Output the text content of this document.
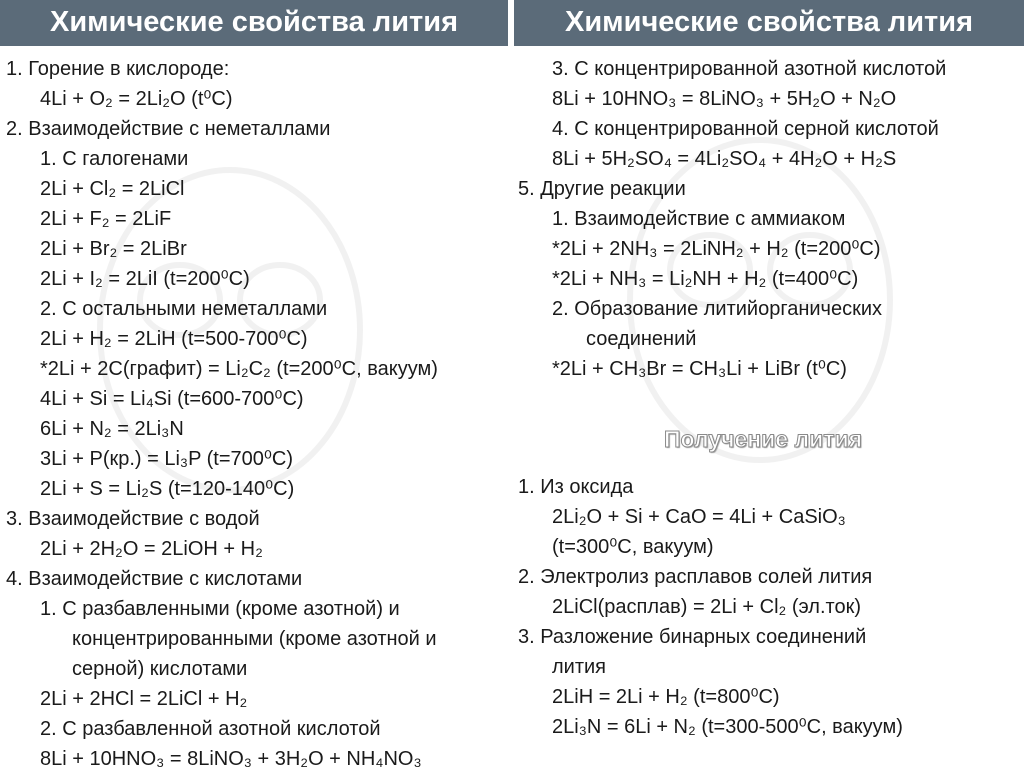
Химические свойства лития	Химические свойства лития
1. Горение в кислороде:
4Li + O₂ = 2Li₂O (t⁰C)
2. Взаимодействие с неметаллами
1. С галогенами
2Li + Cl₂ = 2LiCl
2Li + F₂ = 2LiF
2Li + Br₂ = 2LiBr
2Li + I₂ = 2LiI (t=200⁰C)
2. С остальными неметаллами
2Li + H₂ = 2LiH (t=500-700⁰C)
*2Li + 2C(графит) = Li₂C₂ (t=200⁰C, вакуум)
4Li + Si = Li₄Si (t=600-700⁰C)
6Li + N₂ = 2Li₃N
3Li + P(кр.) = Li₃P (t=700⁰C)
2Li + S = Li₂S (t=120-140⁰C)
3. Взаимодействие с водой
2Li + 2H₂O = 2LiOH + H₂
4. Взаимодействие с кислотами
1. С разбавленными (кроме азотной) и
концентрированными (кроме азотной и
серной) кислотами
2Li + 2HCl = 2LiCl + H₂
2. С разбавленной азотной кислотой
8Li + 10HNO₃ = 8LiNO₃ + 3H₂O + NH₄NO₃
3. С концентрированной азотной кислотой
8Li + 10HNO₃ = 8LiNO₃ + 5H₂O + N₂O
4. С концентрированной серной кислотой
8Li + 5H₂SO₄ = 4Li₂SO₄ + 4H₂O + H₂S
5. Другие реакции
1. Взаимодействие с аммиаком
*2Li + 2NH₃ = 2LiNH₂ + H₂ (t=200⁰C)
*2Li + NH₃ = Li₂NH + H₂ (t=400⁰C)
2. Образование литийорганических
соединений
*2Li + CH₃Br = CH₃Li + LiBr (t⁰C)
Получение лития
1. Из оксида
2Li₂O + Si + CaO = 4Li + CaSiO₃
(t=300⁰C, вакуум)
2. Электролиз расплавов солей лития
2LiCl(расплав) = 2Li + Cl₂ (эл.ток)
3. Разложение бинарных соединений
лития
2LiH = 2Li + H₂ (t=800⁰C)
2Li₃N = 6Li + N₂ (t=300-500⁰C, вакуум)
